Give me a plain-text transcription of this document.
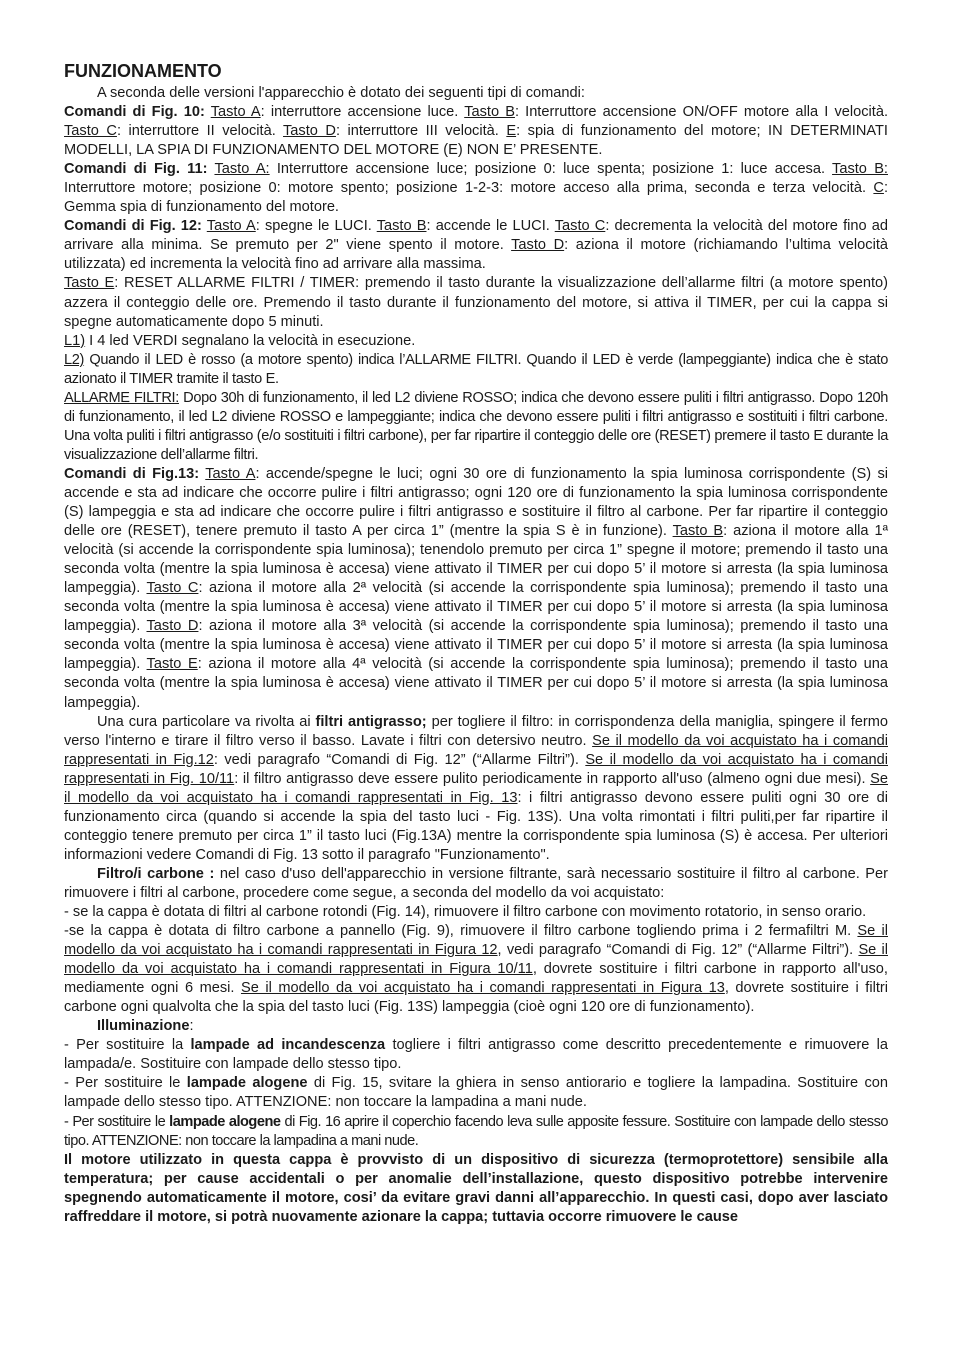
FUNZIONAMENTO

A seconda delle versioni l'apparecchio è dotato dei seguenti tipi di comandi:

Comandi di Fig. 10: Tasto A: interruttore accensione luce. Tasto B: Interruttore accensione ON/OFF motore alla I velocità. Tasto C: interruttore II velocità. Tasto D: interruttore III velocità. E: spia di funzionamento del motore; IN DETERMINATI MODELLI, LA SPIA DI FUNZIONAMENTO DEL MOTORE (E) NON E’ PRESENTE.

Comandi di Fig. 11: Tasto A: Interruttore accensione luce; posizione 0: luce spenta; posizione 1: luce accesa. Tasto B: Interruttore motore; posizione 0: motore spento; posizione 1-2-3: motore acceso alla prima, seconda e terza velocità. C: Gemma spia di funzionamento del motore.

Comandi di Fig. 12: Tasto A: spegne le LUCI. Tasto B: accende le LUCI. Tasto C: decrementa la velocità del motore fino ad arrivare alla minima. Se premuto per 2" viene spento il motore. Tasto D: aziona il motore (richiamando l’ultima velocità utilizzata) ed incrementa la velocità fino ad arrivare alla massima.

Tasto E: RESET ALLARME FILTRI / TIMER: premendo il tasto durante la visualizzazione dell’allarme filtri (a motore spento) azzera il conteggio delle ore. Premendo il tasto durante il funzionamento del motore, si attiva il TIMER, per cui la cappa si spegne automaticamente dopo 5 minuti.

L1) I 4 led VERDI segnalano la velocità in esecuzione.

L2) Quando il LED è rosso (a motore spento) indica l’ALLARME FILTRI. Quando il LED è verde (lampeggiante) indica che è stato azionato il TIMER tramite il tasto E.

ALLARME FILTRI: Dopo 30h di funzionamento, il led L2 diviene ROSSO; indica che devono essere puliti i filtri antigrasso. Dopo 120h di funzionamento, il led L2 diviene ROSSO e lampeggiante; indica che devono essere puliti i filtri antigrasso e sostituiti i filtri carbone. Una volta puliti i filtri antigrasso (e/o sostituiti i filtri carbone), per far ripartire il conteggio delle ore (RESET) premere il tasto E durante la visualizzazione dell’allarme filtri.

Comandi di Fig.13: Tasto A: accende/spegne le luci; ogni 30 ore di funzionamento la spia luminosa corrispondente (S) si accende e sta ad indicare che occorre pulire i filtri antigrasso; ogni 120 ore di funzionamento la spia luminosa corrispondente (S) lampeggia e sta ad indicare che occorre pulire i filtri antigrasso e sostituire il filtro al carbone. Per far ripartire il conteggio delle ore (RESET), tenere premuto il tasto A per circa 1” (mentre la spia S è in funzione). Tasto B: aziona il motore alla 1ª velocità (si accende la corrispondente spia luminosa); tenendolo premuto per circa 1” spegne il motore; premendo il tasto una seconda volta (mentre la spia luminosa è accesa) viene attivato il TIMER per cui dopo 5’ il motore si arresta (la spia luminosa lampeggia). Tasto C: aziona il motore alla 2ª velocità (si accende la corrispondente spia luminosa); premendo il tasto una seconda volta (mentre la spia luminosa è accesa) viene attivato il TIMER per cui dopo 5’ il motore si arresta (la spia luminosa lampeggia). Tasto D: aziona il motore alla 3ª velocità (si accende la corrispondente spia luminosa); premendo il tasto una seconda volta (mentre la spia luminosa è accesa) viene attivato il TIMER per cui dopo 5’ il motore si arresta (la spia luminosa lampeggia). Tasto E: aziona il motore alla 4ª velocità (si accende la corrispondente spia luminosa); premendo il tasto una seconda volta (mentre la spia luminosa è accesa) viene attivato il TIMER per cui dopo 5’ il motore si arresta (la spia luminosa lampeggia).

Una cura particolare va rivolta ai filtri antigrasso; per togliere il filtro: in corrispondenza della maniglia, spingere il fermo verso l'interno e tirare il filtro verso il basso. Lavate i filtri con detersivo neutro. Se il modello da voi acquistato ha i comandi rappresentati in Fig.12: vedi paragrafo “Comandi di Fig. 12” (“Allarme Filtri”). Se il modello da voi acquistato ha i comandi rappresentati in Fig. 10/11: il filtro antigrasso deve essere pulito periodicamente in rapporto all'uso (almeno ogni due mesi). Se il modello da voi acquistato ha i comandi rappresentati in Fig. 13: i filtri antigrasso devono essere puliti ogni 30 ore di funzionamento circa (quando si accende la spia del tasto luci - Fig. 13S). Una volta rimontati i filtri puliti,per far ripartire il conteggio tenere premuto per circa 1” il tasto luci (Fig.13A) mentre la corrispondente spia luminosa (S) è accesa. Per ulteriori informazioni vedere Comandi di Fig. 13 sotto il paragrafo "Funzionamento".

Filtro/i carbone : nel caso d'uso dell'apparecchio in versione filtrante, sarà necessario sostituire il filtro al carbone. Per rimuovere i filtri al carbone, procedere come segue, a seconda del modello da voi acquistato:

- se la cappa è dotata di filtri al carbone rotondi (Fig. 14), rimuovere il filtro carbone con movimento rotatorio, in senso orario.

-se la cappa è dotata di filtro carbone a pannello (Fig. 9), rimuovere il filtro carbone togliendo prima i 2 fermafiltri M. Se il modello da voi acquistato ha i comandi rappresentati in Figura 12, vedi paragrafo “Comandi di Fig. 12” (“Allarme Filtri”). Se il modello da voi acquistato ha i comandi rappresentati in Figura 10/11, dovrete sostituire i filtri carbone in rapporto all'uso, mediamente ogni 6 mesi. Se il modello da voi acquistato ha i comandi rappresentati in Figura 13, dovrete sostituire i filtri carbone ogni qualvolta che la spia del tasto luci (Fig. 13S) lampeggia (cioè ogni 120 ore di funzionamento).

Illuminazione:

- Per sostituire la lampade ad incandescenza togliere i filtri antigrasso come descritto precedentemente e rimuovere la lampada/e. Sostituire con lampade dello stesso tipo.

- Per sostituire le lampade alogene di Fig. 15, svitare la ghiera in senso antiorario e togliere la lampadina. Sostituire con lampade dello stesso tipo. ATTENZIONE: non toccare la lampadina a mani nude.

- Per sostituire le lampade alogene di Fig. 16 aprire il coperchio facendo leva sulle apposite fessure. Sostituire con lampade dello stesso tipo. ATTENZIONE: non toccare la lampadina a mani nude.

Il motore utilizzato in questa cappa è provvisto di un dispositivo di sicurezza (termoprotettore) sensibile alla temperatura; per cause accidentali o per anomalie dell’installazione, questo dispositivo potrebbe intervenire spegnendo automaticamente il motore, cosi’ da evitare gravi danni all’apparecchio. In questi casi, dopo aver lasciato raffreddare il motore, si potrà nuovamente azionare la cappa; tuttavia occorre rimuovere le cause
